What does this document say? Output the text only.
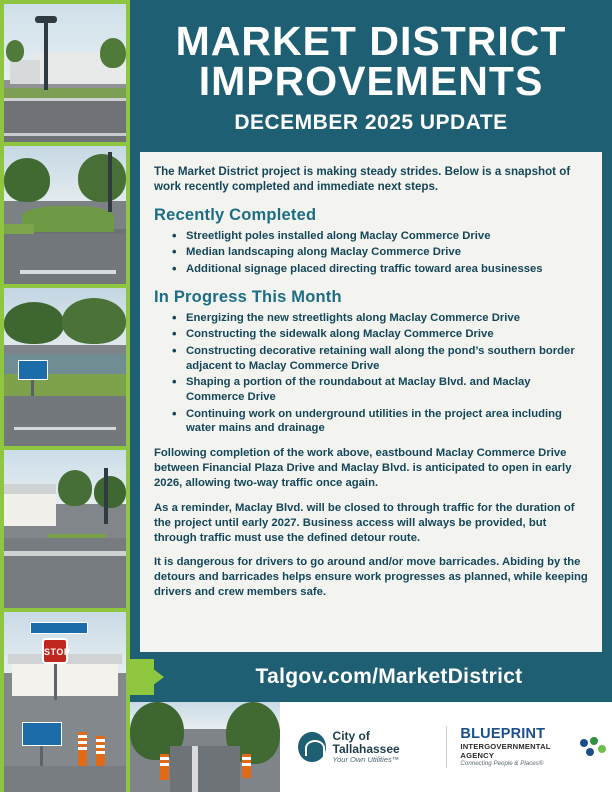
STOP
MARKET DISTRICT
IMPROVEMENTS
DECEMBER 2025 UPDATE

The Market District project is making steady strides. Below is a snapshot of work recently completed and immediate next steps.

Recently Completed
• Streetlight poles installed along Maclay Commerce Drive
• Median landscaping along Maclay Commerce Drive
• Additional signage placed directing traffic toward area businesses
In Progress This Month
• Energizing the new streetlights along Maclay Commerce Drive
• Constructing the sidewalk along Maclay Commerce Drive
• Constructing decorative retaining wall along the pond’s southern border adjacent to Maclay Commerce Drive
• Shaping a portion of the roundabout at Maclay Blvd. and Maclay Commerce Drive
• Continuing work on underground utilities in the project area including water mains and drainage

Following completion of the work above, eastbound Maclay Commerce Drive between Financial Plaza Drive and Maclay Blvd. is anticipated to open in early 2026, allowing two-way traffic once again.

As a reminder, Maclay Blvd. will be closed to through traffic for the duration of the project until early 2027. Business access will always be provided, but through traffic must use the defined detour route.

It is dangerous for drivers to go around and/or move barricades. Abiding by the detours and barricades helps ensure work progresses as planned, while keeping drivers and crew members safe.

Talgov.com/MarketDistrict
City of Tallahassee
Your Own Utilities™
BLUEPRINT
INTERGOVERNMENTAL AGENCY
Connecting People & Places®
